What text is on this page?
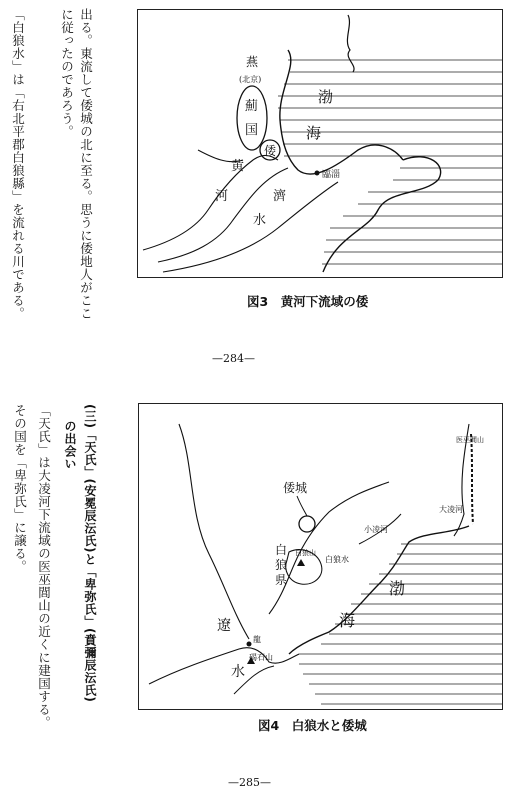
出る。東流して倭城の北に至る。思うに倭地人がここ
に従ったのであろう。
「白狼水」は「右北平郡白狼縣」を流れる川である。	燕
(北京)
薊
国
倭
渤
海
黄
河	濟
水
臨淄
図3　黄河下流域の倭
—284—
(三)「天氏」(安冕辰沄氏)と「卑弥氏」(賁彌辰沄氏)
の出会い
「天氏」は大凌河下流域の医巫閭山の近くに建国する。
その国を「卑弥氏」に譲る。	倭城
白
狼
県
白狼山
白狼水
遼
水
龍
碣石山
渤
海
大凌河
小凌河
医巫閭山
図4　白狼水と倭城
—285—
